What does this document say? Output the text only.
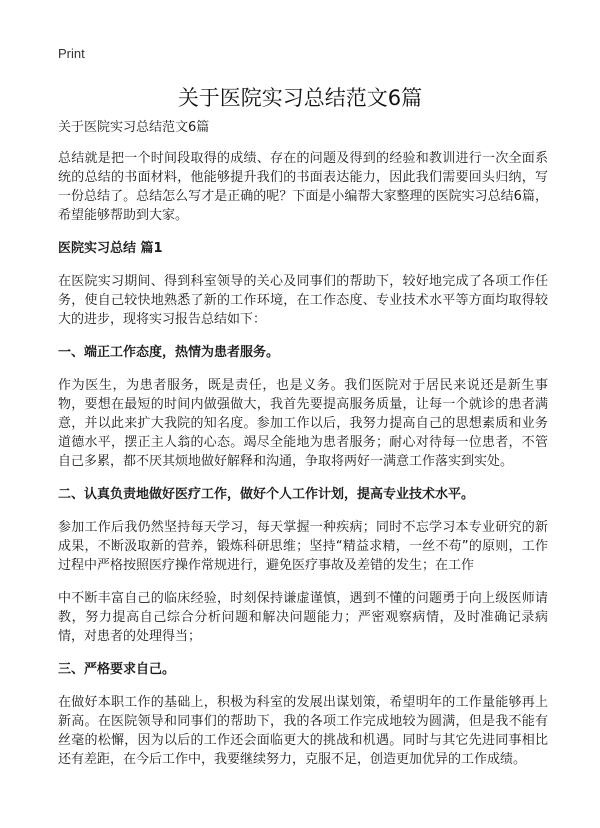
Print
关于医院实习总结范文6篇

关于医院实习总结范文6篇

总结就是把一个时间段取得的成绩、存在的问题及得到的经验和教训进行一次全面系统的总结的书面材料，他能够提升我们的书面表达能力，因此我们需要回头归纳，写一份总结了。总结怎么写才是正确的呢？下面是小编帮大家整理的医院实习总结6篇，希望能够帮助到大家。

医院实习总结 篇1

在医院实习期间、得到科室领导的关心及同事们的帮助下，较好地完成了各项工作任务，使自己较快地熟悉了新的工作环境，在工作态度、专业技术水平等方面均取得较大的进步，现将实习报告总结如下：

一、端正工作态度，热情为患者服务。

作为医生，为患者服务，既是责任，也是义务。我们医院对于居民来说还是新生事物，要想在最短的时间内做强做大，我首先要提高服务质量，让每一个就诊的患者满意，并以此来扩大我院的知名度。参加工作以后，我努力提高自己的思想素质和业务道德水平，摆正主人翁的心态。竭尽全能地为患者服务；耐心对待每一位患者，不管自己多累，都不厌其烦地做好解释和沟通，争取将两好一满意工作落实到实处。

二、认真负责地做好医疗工作，做好个人工作计划，提高专业技术水平。

参加工作后我仍然坚持每天学习，每天掌握一种疾病；同时不忘学习本专业研究的新成果，不断汲取新的营养，锻炼科研思维；坚持“精益求精，一丝不苟”的原则，工作过程中严格按照医疗操作常规进行，避免医疗事故及差错的发生；在工作

中不断丰富自己的临床经验，时刻保持谦虚谨慎，遇到不懂的问题勇于向上级医师请教，努力提高自己综合分析问题和解决问题能力；严密观察病情，及时准确记录病情，对患者的处理得当；

三、严格要求自己。

在做好本职工作的基础上，积极为科室的发展出谋划策，希望明年的工作量能够再上新高。在医院领导和同事们的帮助下，我的各项工作完成地较为圆满，但是我不能有丝毫的松懈，因为以后的工作还会面临更大的挑战和机遇。同时与其它先进同事相比还有差距，在今后工作中，我要继续努力，克服不足，创造更加优异的工作成绩。
